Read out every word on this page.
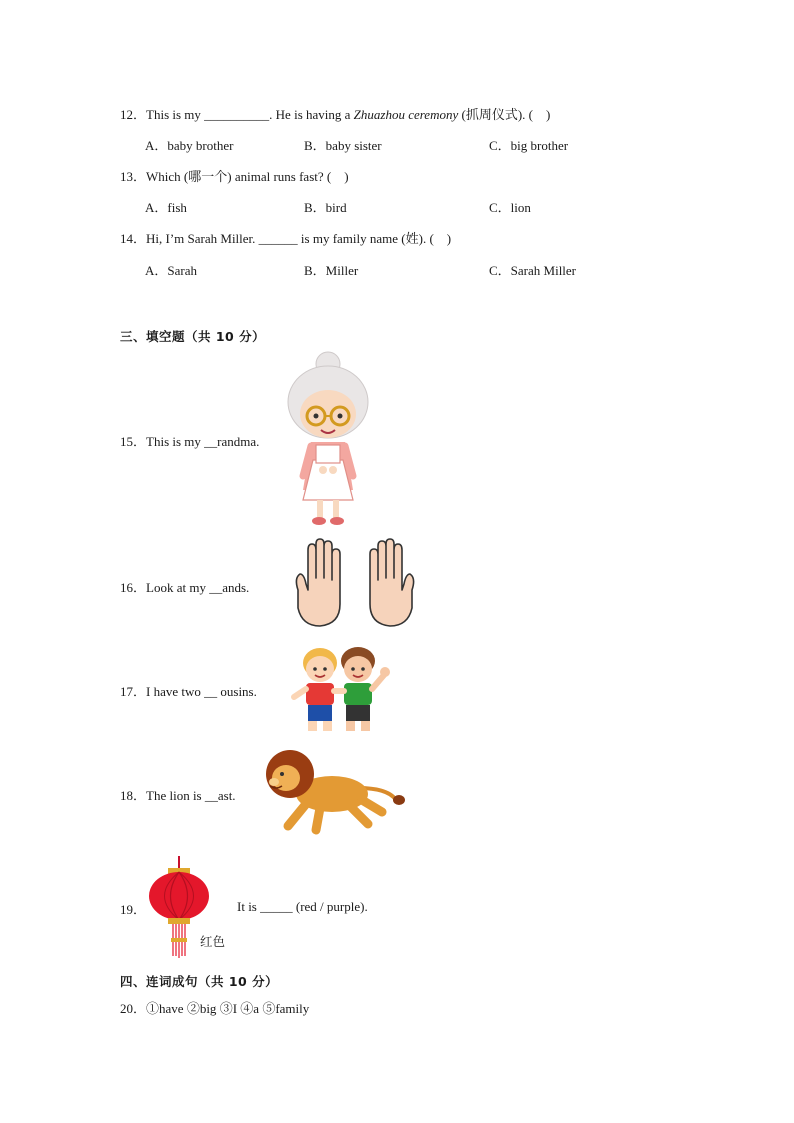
12．This is my __________. He is having a Zhuazhou ceremony (抓周仪式). (　)
A．baby brother	B．baby sister	C．big brother
13．Which (哪一个) animal runs fast? (　)
A．fish	B．bird	C．lion
14．Hi, I’m Sarah Miller. ______ is my family name (姓). (　)
A．Sarah	B．Miller	C．Sarah Miller
三、填空题（共 10 分）
15．This is my __randma.
16．Look at my __ands.
17．I have two __ ousins.
18．The lion is __ast.
19．	It is _____ (red / purple).
红色
四、连词成句（共 10 分）
20．①have ②big ③I ④a ⑤family
